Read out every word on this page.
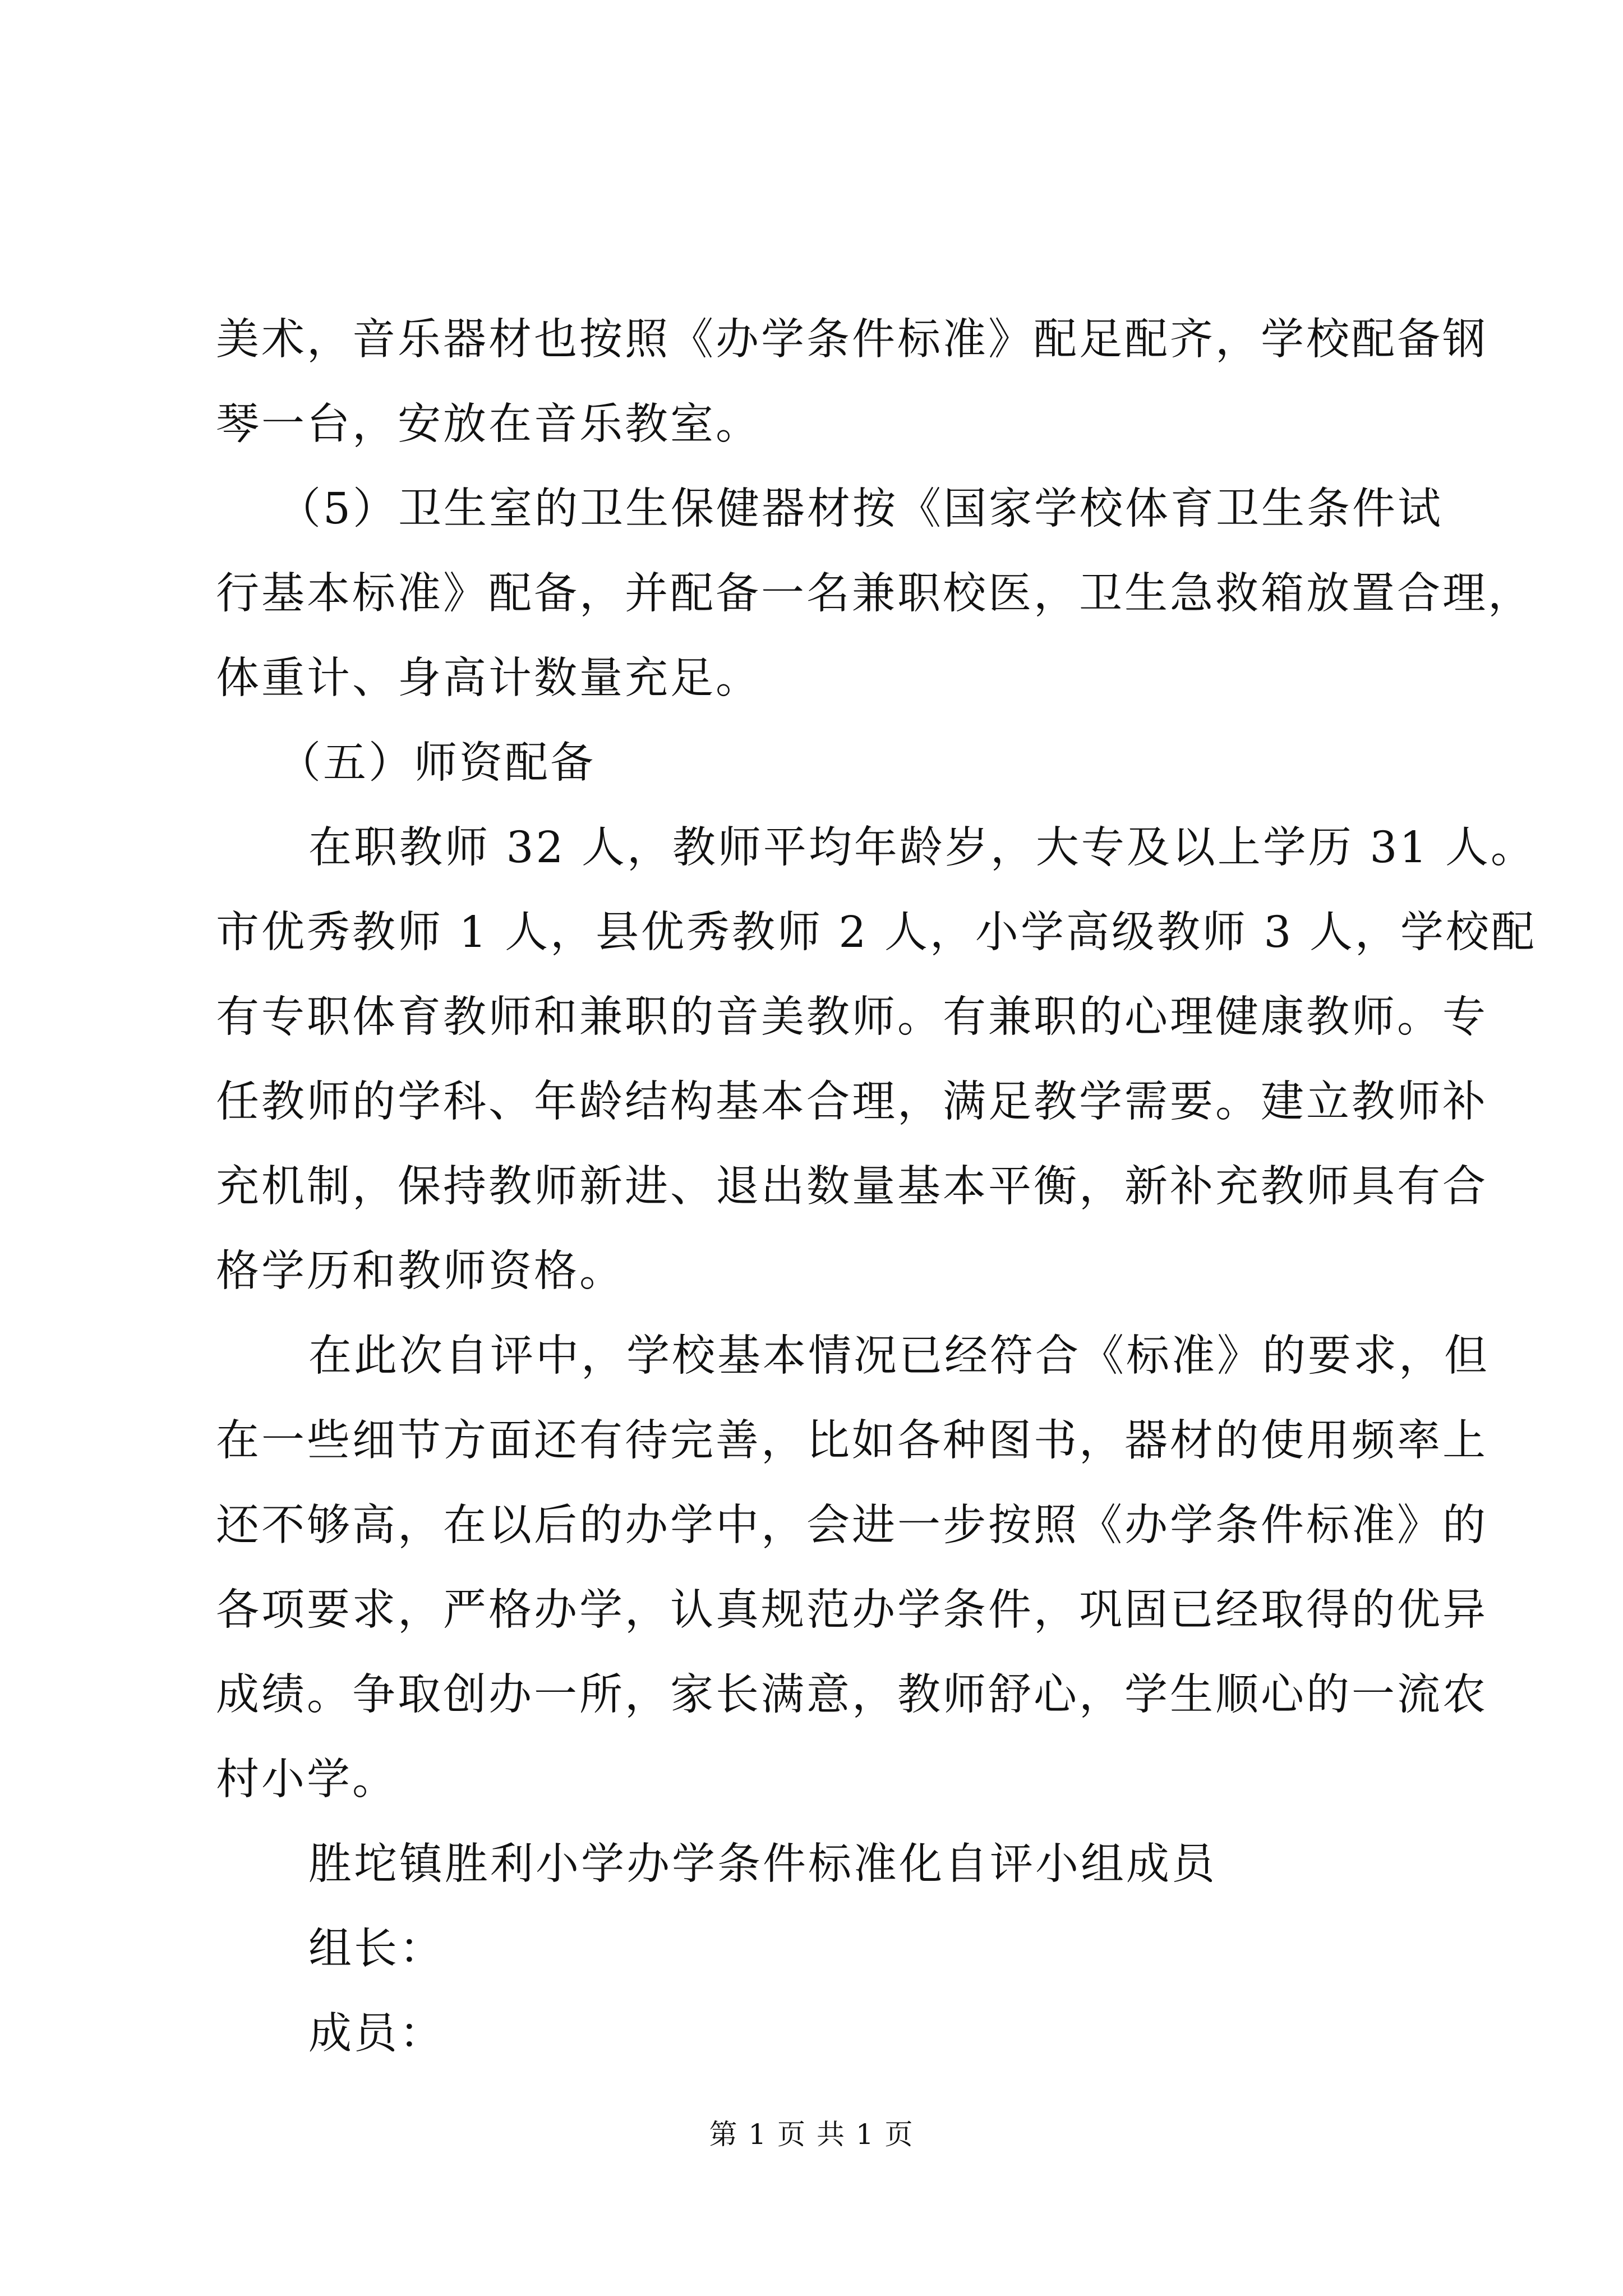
美术，音乐器材也按照《办学条件标准》配足配齐，学校配备钢
琴一台，安放在音乐教室。
（5）卫生室的卫生保健器材按《国家学校体育卫生条件试
行基本标准》配备，并配备一名兼职校医，卫生急救箱放置合理，
体重计、身高计数量充足。
（五）师资配备
在职教师 32 人，教师平均年龄岁，大专及以上学历 31 人。
市优秀教师 1 人，县优秀教师 2 人，小学高级教师 3 人，学校配
有专职体育教师和兼职的音美教师。有兼职的心理健康教师。专
任教师的学科、年龄结构基本合理，满足教学需要。建立教师补
充机制，保持教师新进、退出数量基本平衡，新补充教师具有合
格学历和教师资格。
在此次自评中，学校基本情况已经符合《标准》的要求，但
在一些细节方面还有待完善，比如各种图书，器材的使用频率上
还不够高，在以后的办学中，会进一步按照《办学条件标准》的
各项要求，严格办学，认真规范办学条件，巩固已经取得的优异
成绩。争取创办一所，家长满意，教师舒心，学生顺心的一流农
村小学。
胜坨镇胜利小学办学条件标准化自评小组成员
组长：
成员：
第 1 页 共 1 页
